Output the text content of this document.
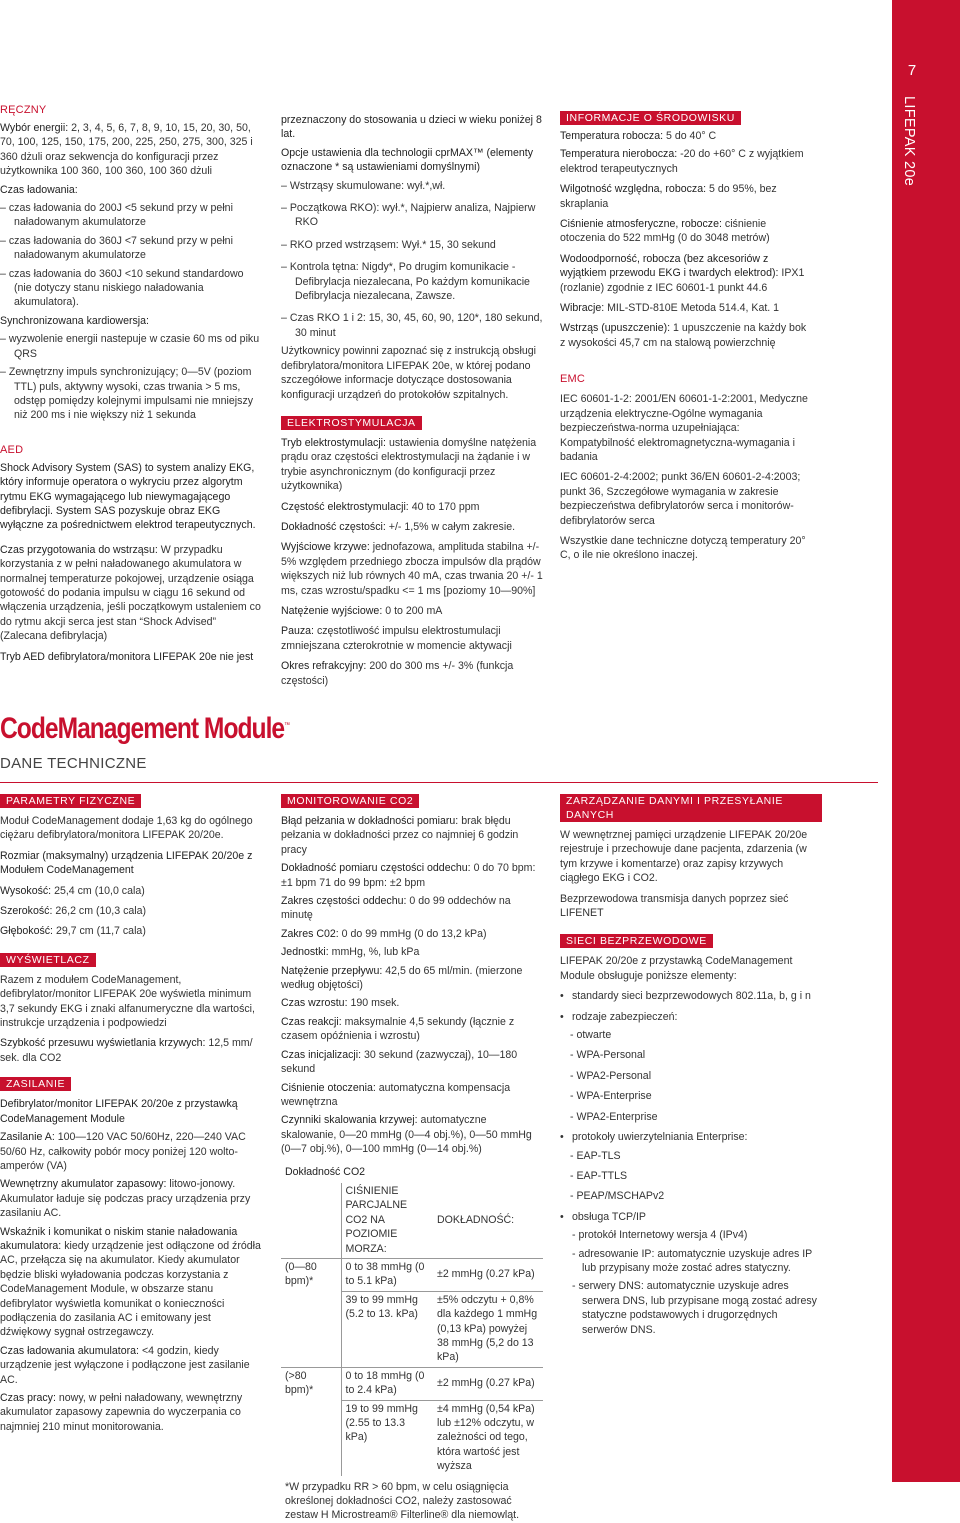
7
LIFEPAK 20e
RĘCZNY
Wybór energii: 2, 3, 4, 5, 6, 7, 8, 9, 10, 15, 20, 30, 50, 70, 100, 125, 150, 175, 200, 225, 250, 275, 300, 325 i 360 dżuli oraz sekwencja do konfiguracji przez użytkownika 100 360, 100 360, 100 360 dżuli
Czas ładowania:
– czas ładowania do 200J <5 sekund przy w pełni naładowanym akumulatorze
– czas ładowania do 360J <7 sekund przy w pełni naładowanym akumulatorze
– czas ładowania do 360J <10 sekund standardowo (nie dotyczy stanu niskiego naładowania akumulatora).
Synchronizowana kardiowersja:
– wyzwolenie energii nastepuje w czasie 60 ms od piku QRS
– Zewnętrzny impuls synchronizujący; 0—5V (poziom TTL) puls, aktywny wysoki, czas trwania > 5 ms, odstęp pomiędzy kolejnymi impulsami nie mniejszy niż 200 ms i nie większy niż 1 sekunda
AED
Shock Advisory System (SAS) to system analizy EKG, który informuje operatora o wykryciu przez algorytm rytmu EKG wymagającego lub niewymagającego defibrylacji. System SAS pozyskuje obraz EKG wyłączne za pośrednictwem elektrod terapeutycznych.
Czas przygotowania do wstrząsu: W przypadku korzystania z w pełni naładowanego akumulatora w normalnej temperaturze pokojowej, urządzenie osiąga gotowość do podania impulsu w ciągu 16 sekund od włączenia urządzenia, jeśli początkowym ustaleniem co do rytmu akcji serca jest stan “Shock Advised” (Zalecana defibrylacja)
Tryb AED defibrylatora/monitora LIFEPAK 20e nie jest
przeznaczony do stosowania u dzieci w wieku poniżej 8 lat.
Opcje ustawienia dla technologii cprMAX™ (elementy oznaczone * są ustawieniami domyślnymi)
– Wstrząsy skumulowane: wył.*,wł.
– Początkowa RKO): wył.*, Najpierw analiza, Najpierw RKO
– RKO przed wstrząsem: Wył.* 15, 30 sekund
– Kontrola tętna: Nigdy*, Po drugim komunikacie - Defibrylacja niezalecana, Po każdym komunikacie Defibrylacja niezalecana, Zawsze.
– Czas RKO 1 i 2: 15, 30, 45, 60, 90, 120*, 180 sekund, 30 minut
Użytkownicy powinni zapoznać się z instrukcją obsługi defibrylatora/monitora LIFEPAK 20e, w której podano szczegółowe informacje dotyczące dostosowania konfiguracji urządzeń do protokołów szpitalnych.
ELEKTROSTYMULACJA
Tryb elektrostymulacji: ustawienia domyślne natężenia prądu oraz częstości elektrostymulacji na żądanie i w trybie asynchronicznym (do konfiguracji przez użytkownika)
Częstość elektrostymulacji: 40 to 170 ppm
Dokładność częstości: +/- 1,5% w całym zakresie.
Wyjściowe krzywe: jednofazowa, amplituda stabilna +/- 5% względem przedniego zbocza impulsów dla prądów większych niż lub równych 40 mA, czas trwania 20 +/- 1 ms, czas wzrostu/spadku <= 1 ms [poziomy 10—90%]
Natężenie wyjściowe: 0 to 200 mA
Pauza: częstotliwość impulsu elektrostumulacji zmniejszana czterokrotnie w momencie aktywacji
Okres refrakcyjny: 200 do 300 ms +/- 3% (funkcja częstości)
INFORMACJE O ŚRODOWISKU
Temperatura robocza: 5 do 40° C
Temperatura nierobocza: -20 do +60° C z wyjątkiem elektrod terapeutycznych
Wilgotność względna, robocza: 5 do 95%, bez skraplania
Ciśnienie atmosferyczne, robocze: ciśnienie otoczenia do 522 mmHg (0 do 3048 metrów)
Wodoodporność, robocza (bez akcesoriów z wyjątkiem przewodu EKG i twardych elektrod): IPX1 (rozlanie) zgodnie z IEC 60601-1 punkt 44.6
Wibracje: MIL-STD-810E Metoda 514.4, Kat. 1
Wstrząs (upuszczenie): 1 upuszczenie na każdy bok z wysokości 45,7 cm na stalową powierzchnię
EMC
IEC 60601-1-2: 2001/EN 60601-1-2:2001, Medyczne urządzenia elektryczne-Ogólne wymagania bezpieczeństwa-norma uzupełniająca: Kompatybilność elektromagnetyczna-wymagania i badania
IEC 60601-2-4:2002; punkt 36/EN 60601-2-4:2003; punkt 36, Szczegółowe wymagania w zakresie bezpieczeństwa defibrylatorów serca i monitorów-defibrylatorów serca
Wszystkie dane techniczne dotyczą temperatury 20° C, o ile nie określono inaczej.
CodeManagement Module™
DANE TECHNICZNE
PARAMETRY FIZYCZNE
Moduł CodeManagement dodaje 1,63 kg do ogólnego ciężaru defibrylatora/monitora LIFEPAK 20/20e.
Rozmiar (maksymalny) urządzenia LIFEPAK 20/20e z Modułem CodeManagement
Wysokość: 25,4 cm (10,0 cala)
Szerokość: 26,2 cm (10,3 cala)
Głębokość: 29,7 cm (11,7 cala)
WYŚWIETLACZ
Razem z modułem CodeManagement, defibrylator/monitor LIFEPAK 20e wyświetla minimum 3,7 sekundy EKG i znaki alfanumeryczne dla wartości, instrukcje urządzenia i podpowiedzi
Szybkość przesuwu wyświetlania krzywych: 12,5 mm/ sek. dla CO2
ZASILANIE
Defibrylator/monitor LIFEPAK 20/20e z przystawką CodeManagement Module
Zasilanie A: 100—120 VAC 50/60Hz, 220—240 VAC 50/60 Hz, całkowity pobór mocy poniżej 120 wolto-amperów (VA)
Wewnętrzny akumulator zapasowy: litowo-jonowy. Akumulator ładuje się podczas pracy urządzenia przy zasilaniu AC.
Wskaźnik i komunikat o niskim stanie naładowania akumulatora: kiedy urządzenie jest odłączone od źródła AC, przełącza się na akumulator. Kiedy akumulator będzie bliski wyładowania podczas korzystania z CodeManagement Module, w obszarze stanu defibrylator wyświetla komunikat o konieczności podłączenia do zasilania AC i emitowany jest dźwiękowy sygnał ostrzegawczy.
Czas ładowania akumulatora: <4 godzin, kiedy urządzenie jest wyłączone i podłączone jest zasilanie AC.
Czas pracy: nowy, w pełni naładowany, wewnętrzny akumulator zapasowy zapewnia do wyczerpania co najmniej 210 minut monitorowania.
MONITOROWANIE CO2
Błąd pełzania w dokładności pomiaru: brak błędu pełzania w dokładności przez co najmniej 6 godzin pracy
Dokładność pomiaru częstości oddechu: 0 do 70 bpm: ±1 bpm 71 do 99 bpm: ±2 bpm
Zakres częstości oddechu: 0 do 99 oddechów na minutę
Zakres C02: 0 do 99 mmHg (0 do 13,2 kPa)
Jednostki: mmHg, %, lub kPa
Natężenie przepływu: 42,5 do 65 ml/min. (mierzone według objętości)
Czas wzrostu: 190 msek.
Czas reakcji: maksymalnie 4,5 sekundy (łącznie z czasem opóźnienia i wzrostu)
Czas inicjalizacji: 30 sekund (zazwyczaj), 10—180 sekund
Ciśnienie otoczenia: automatyczna kompensacja wewnętrzna
Czynniki skalowania krzywej: automatyczne skalowanie, 0—20 mmHg (0—4 obj.%), 0—50 mmHg (0—7 obj.%), 0—100 mmHg (0—14 obj.%)
Dokładność CO2
	CIŚNIENIE PARCJALNE CO2 NA POZIOMIE MORZA:	DOKŁADNOŚĆ:
(0—80 bpm)*	0 to 38 mmHg (0 to 5.1 kPa)	±2 mmHg (0.27 kPa)
	39 to 99 mmHg (5.2 to 13. kPa)	±5% odczytu + 0,8% dla każdego 1 mmHg (0,13 kPa) powyżej 38 mmHg (5,2 do 13 kPa)
(>80 bpm)*	0 to 18 mmHg (0 to 2.4 kPa)	±2 mmHg (0.27 kPa)
	19 to 99 mmHg (2.55 to 13.3 kPa)	±4 mmHg (0,54 kPa) lub ±12% odczytu, w zależności od tego, która wartość jest wyższa
*W przypadku RR > 60 bpm, w celu osiągnięcia określonej dokładności CO2, należy zastosować zestaw H Microstream® Filterline® dla niemowląt.
ZARZĄDZANIE DANYMI I PRZESYŁANIE DANYCH
W wewnętrznej pamięci urządzenie LIFEPAK 20/20e rejestruje i przechowuje dane pacjenta, zdarzenia (w tym krzywe i komentarze) oraz zapisy krzywych ciągłego EKG i CO2.
Bezprzewodowa transmisja danych poprzez sieć LIFENET
SIECI BEZPRZEWODOWE
LIFEPAK 20/20e z przystawką CodeManagement Module obsługuje poniższe elementy:
• standardy sieci bezprzewodowych 802.11a, b, g i n
• rodzaje zabezpieczeń:
- otwarte
- WPA-Personal
- WPA2-Personal
- WPA-Enterprise
- WPA2-Enterprise
• protokoły uwierzytelniania Enterprise:
- EAP-TLS
- EAP-TTLS
- PEAP/MSCHAPv2
• obsługa TCP/IP
- protokół Internetowy wersja 4 (IPv4)
- adresowanie IP: automatycznie uzyskuje adres IP lub przypisany może zostać adres statyczny.
- serwery DNS: automatycznie uzyskuje adres serwera DNS, lub przypisane mogą zostać adresy statyczne podstawowych i drugorzędnych serwerów DNS.
